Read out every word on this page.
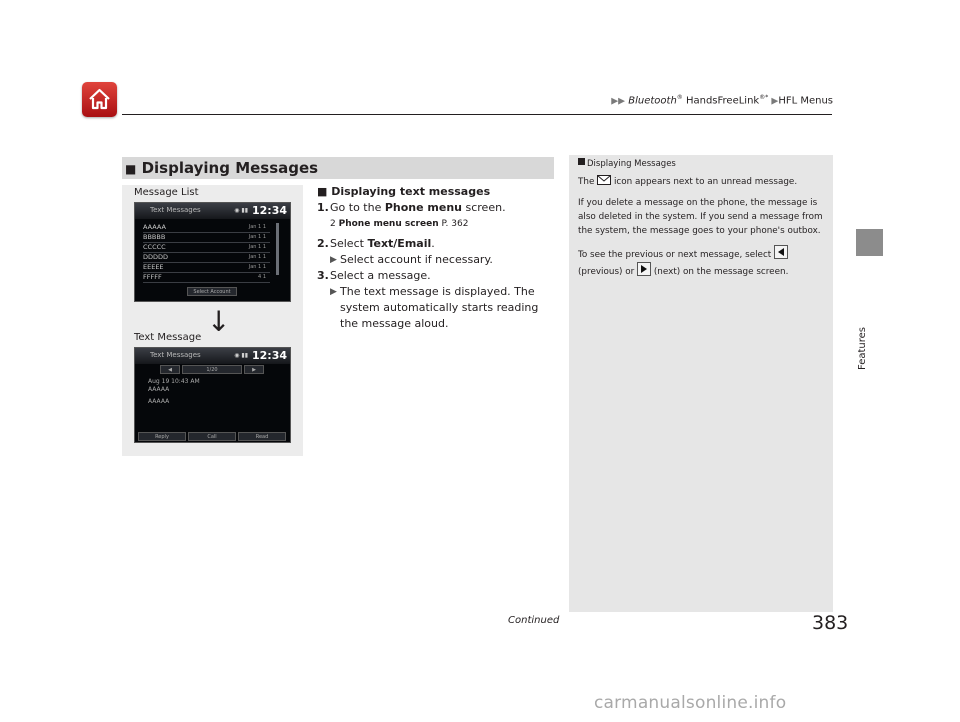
▶▶ Bluetooth® HandsFreeLink®* ▶HFL Menus
Features
■ Displaying Messages
Message List
Text Messages	◉ ▮▮ 12:34
AAAAA	Jan 1 1
BBBBB	Jan 1 1
CCCCC	Jan 1 1
DDDDD	Jan 1 1
EEEEE	Jan 1 1
FFFFF	4 1
Select Account
Text Message ↓
Text Messages	◉ ▮▮ 12:34
◀	1/20	▶
Aug 19 10:43 AM
AAAAA
AAAAA
Reply	Call	Read
■ Displaying text messages
1. Go to the Phone menu screen.
2 Phone menu screen P. 362
2. Select Text/Email.
▶ Select account if necessary.
3. Select a message.
▶ The text message is displayed. The system automatically starts reading the message aloud.
Displaying Messages

The  icon appears next to an unread message.

If you delete a message on the phone, the message is also deleted in the system. If you send a message from the system, the message goes to your phone's outbox.

To see the previous or next message, select

(previous) or
(next) on the message screen.

Continued	383
carmanualsonline.info
